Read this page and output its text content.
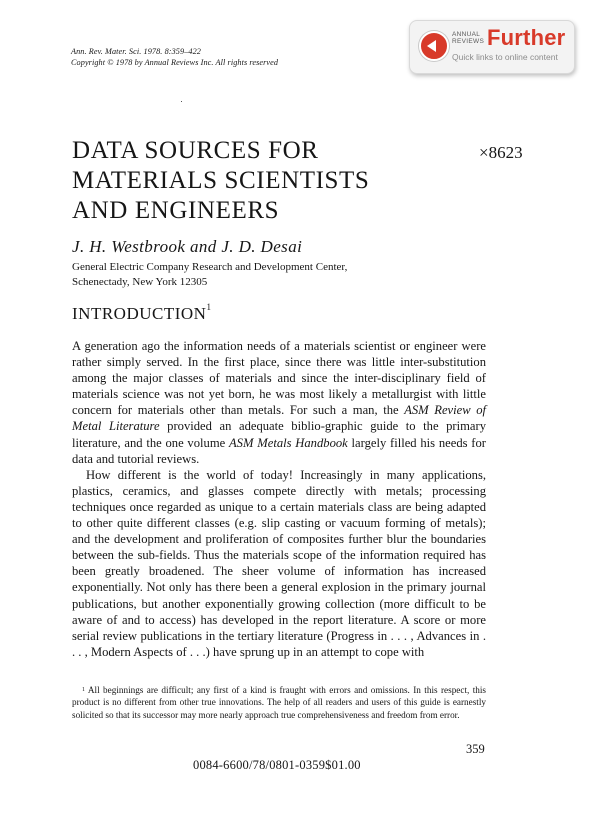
Ann. Rev. Mater. Sci. 1978. 8:359–422
Copyright © 1978 by Annual Reviews Inc. All rights reserved
ANNUAL
REVIEWS Further
Quick links to online content
DATA SOURCES FOR
MATERIALS SCIENTISTS
AND ENGINEERS
×8623
J. H. Westbrook and J. D. Desai
General Electric Company Research and Development Center,
Schenectady, New York 12305
INTRODUCTION$^1$

A generation ago the information needs of a materials scientist or engineer were rather simply served. In the first place, since there was little inter-substitution among the major classes of materials and since the inter-disciplinary field of materials science was not yet born, he was most likely a metallurgist with little concern for materials other than metals. For such a man, the ASM Review of Metal Literature provided an adequate biblio-graphic guide to the primary literature, and the one volume ASM Metals Handbook largely filled his needs for data and tutorial reviews.

How different is the world of today! Increasingly in many applications, plastics, ceramics, and glasses compete directly with metals; processing techniques once regarded as unique to a certain materials class are being adapted to other quite different classes (e.g. slip casting or vacuum forming of metals); and the development and proliferation of composites further blur the boundaries between the sub-fields. Thus the materials scope of the information required has been greatly broadened. The sheer volume of information has increased exponentially. Not only has there been a general explosion in the primary journal publications, but another exponentially growing collection (more difficult to be aware of and to access) has developed in the report literature. A score or more serial review publications in the tertiary literature (Progress in . . . , Advances in . . . , Modern Aspects of . . .) have sprung up in an attempt to cope with

$^1$ All beginnings are difficult; any first of a kind is fraught with errors and omissions. In this respect, this product is no different from other true innovations. The help of all readers and users of this guide is earnestly solicited so that its successor may more nearly approach true comprehensiveness and freedom from error.

359
0084-6600/78/0801-0359$01.00
